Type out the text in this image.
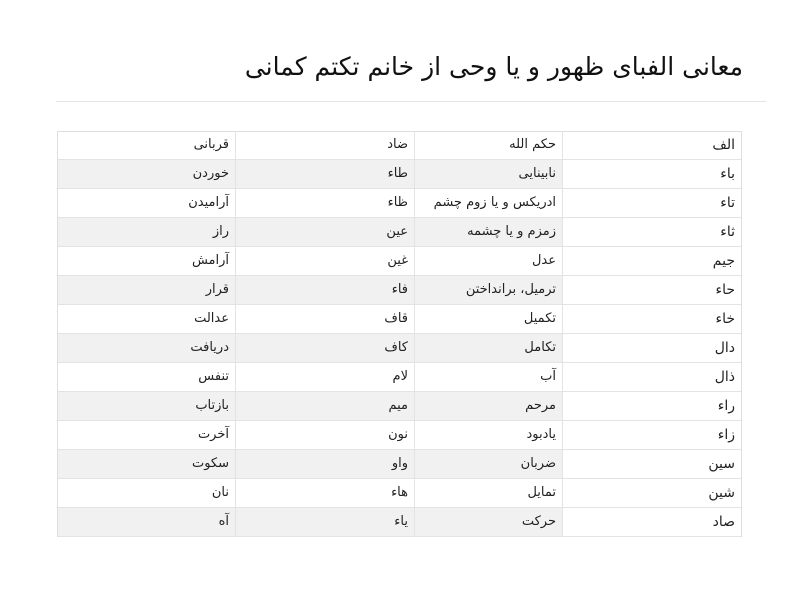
معانی الفبای ظهور و یا وحی از خانم تکتم کمانی
الف
حکم الله
ضاد
قربانی
باء
نابینایی
طاء
خوردن
تاء
ادریکس و یا زوم چشم
ظاء
آرامیدن
ثاء
زمزم و یا چشمه
عین
راز
جیم
عدل
غین
آرامش
حاء
ترمیل، برانداختن
فاء
قرار
خاء
تکمیل
قاف
عدالت
دال
تکامل
کاف
دریافت
ذال
آب
لام
تنفس
راء
مرحم
میم
بازتاب
زاء
یادبود
نون
آخرت
سین
ضربان
واو
سکوت
شین
تمایل
هاء
نان
صاد
حرکت
یاء
آه
